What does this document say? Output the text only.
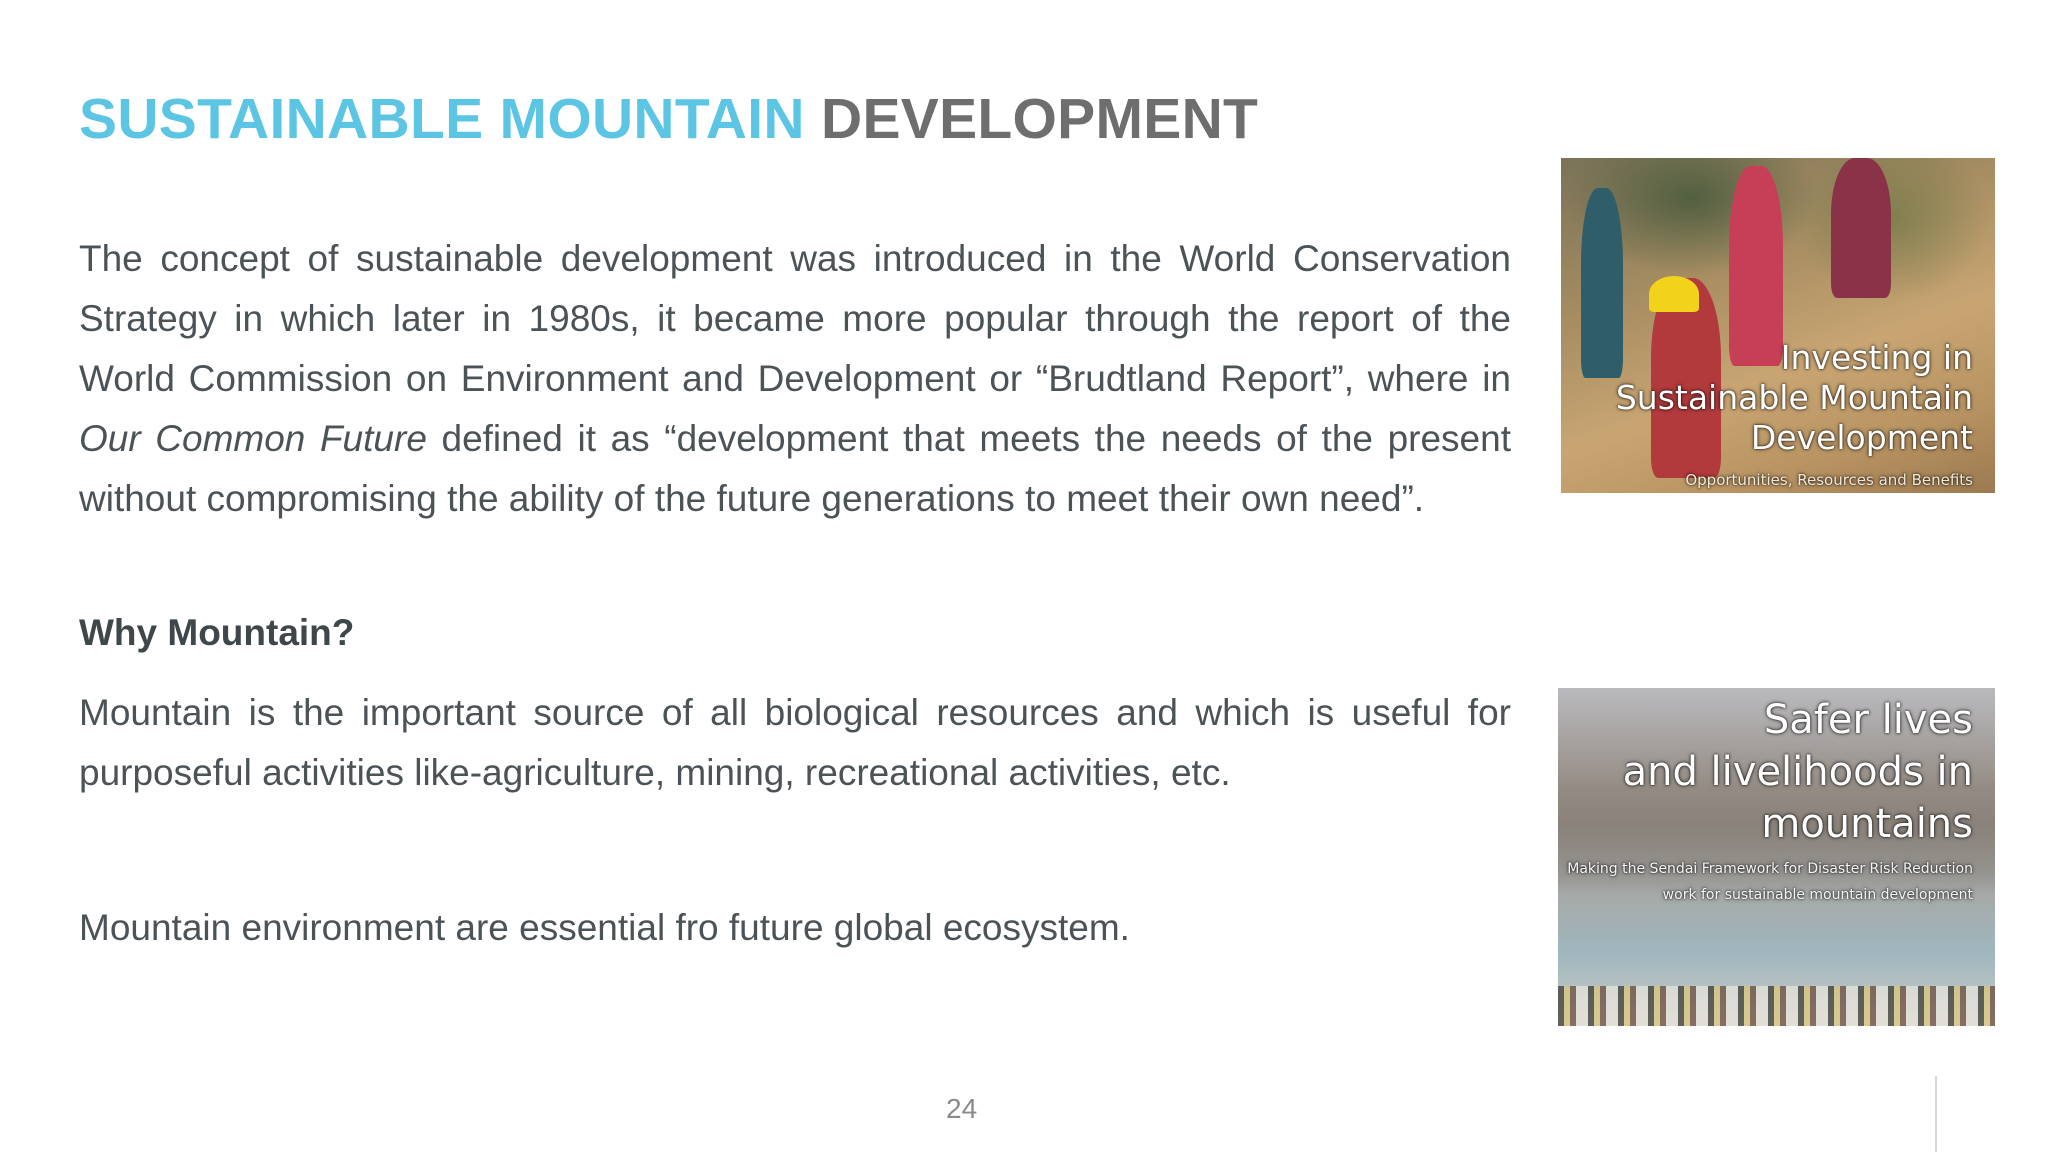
SUSTAINABLE MOUNTAIN DEVELOPMENT

The concept of sustainable development was introduced in the World Conservation Strategy in which later in 1980s, it became more popular through the report of the World Commission on Environment and Development or “Brudtland Report”, where in Our Common Future defined it as “development that meets the needs of the present without compromising the ability of the future generations to meet their own need”.

Why Mountain?

Mountain is the important source of all biological resources and which is useful for purposeful activities like-agriculture, mining, recreational activities, etc.

Mountain environment are essential fro future global ecosystem.

Investing in
Sustainable Mountain
Development
Opportunities, Resources and Benefits
Safer lives
and livelihoods in
mountains
Making the Sendai Framework for Disaster Risk Reduction
work for sustainable mountain development
24
